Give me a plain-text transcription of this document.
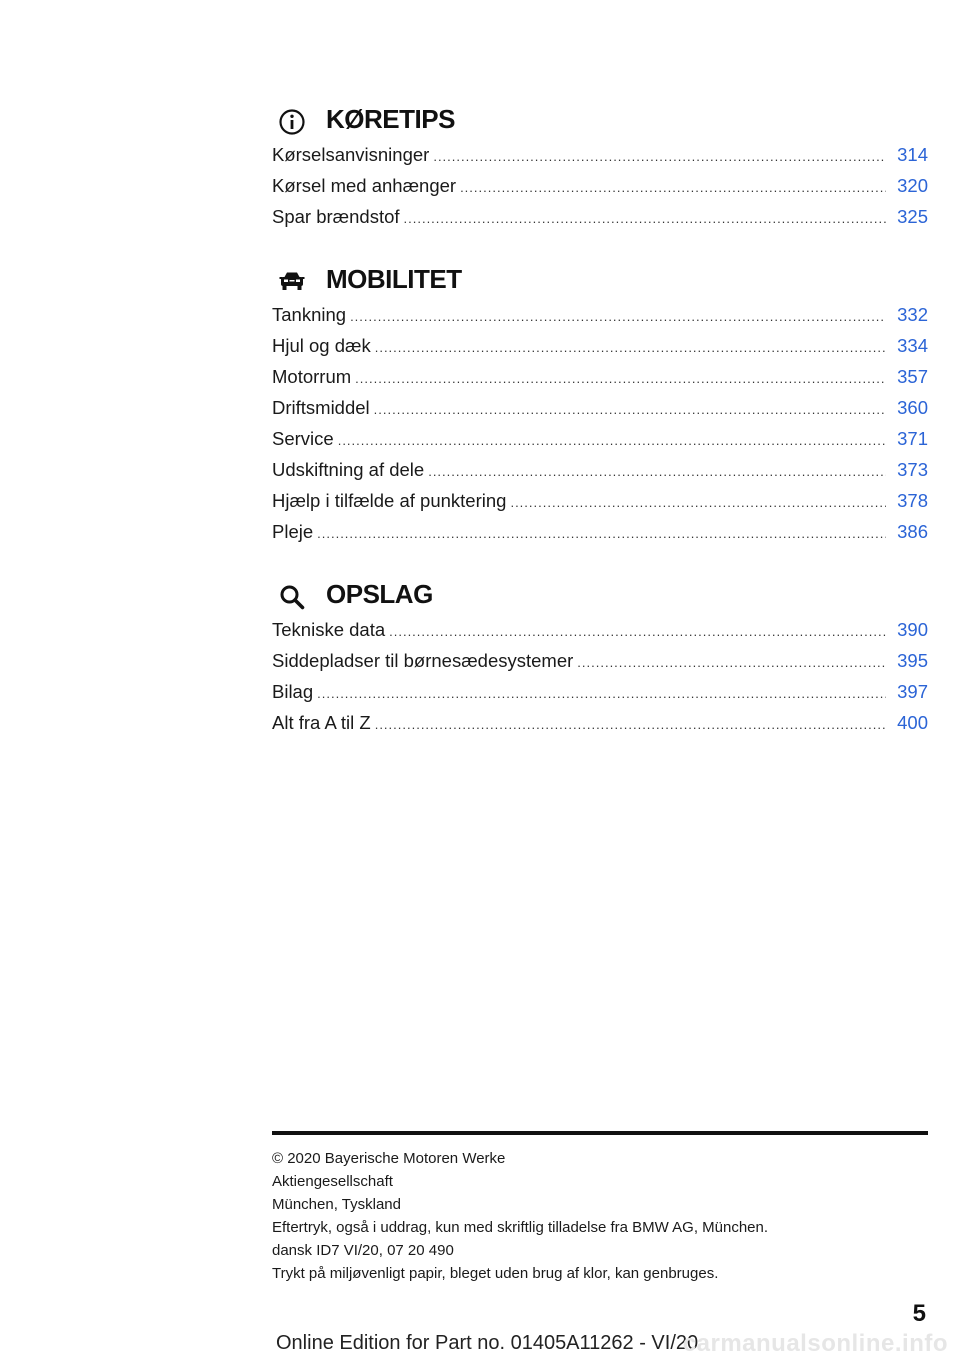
KØRETIPS
Kørselsanvisninger .....	314
Kørsel med anhænger .....	320
Spar brændstof .....	325
MOBILITET
Tankning .....	332
Hjul og dæk .....	334
Motorrum .....	357
Driftsmiddel .....	360
Service .....	371
Udskiftning af dele .....	373
Hjælp i tilfælde af punktering .....	378
Pleje .....	386
OPSLAG
Tekniske data .....	390
Siddepladser til børnesædesystemer .....	395
Bilag .....	397
Alt fra A til Z .....	400
© 2020 Bayerische Motoren Werke
Aktiengesellschaft
München, Tyskland
Eftertryk, også i uddrag, kun med skriftlig tilladelse fra BMW AG, München.
dansk ID7 VI/20, 07 20 490
Trykt på miljøvenligt papir, bleget uden brug af klor, kan genbruges.
5
Online Edition for Part no. 01405A11262 - VI/20
carmanualsonline.info
